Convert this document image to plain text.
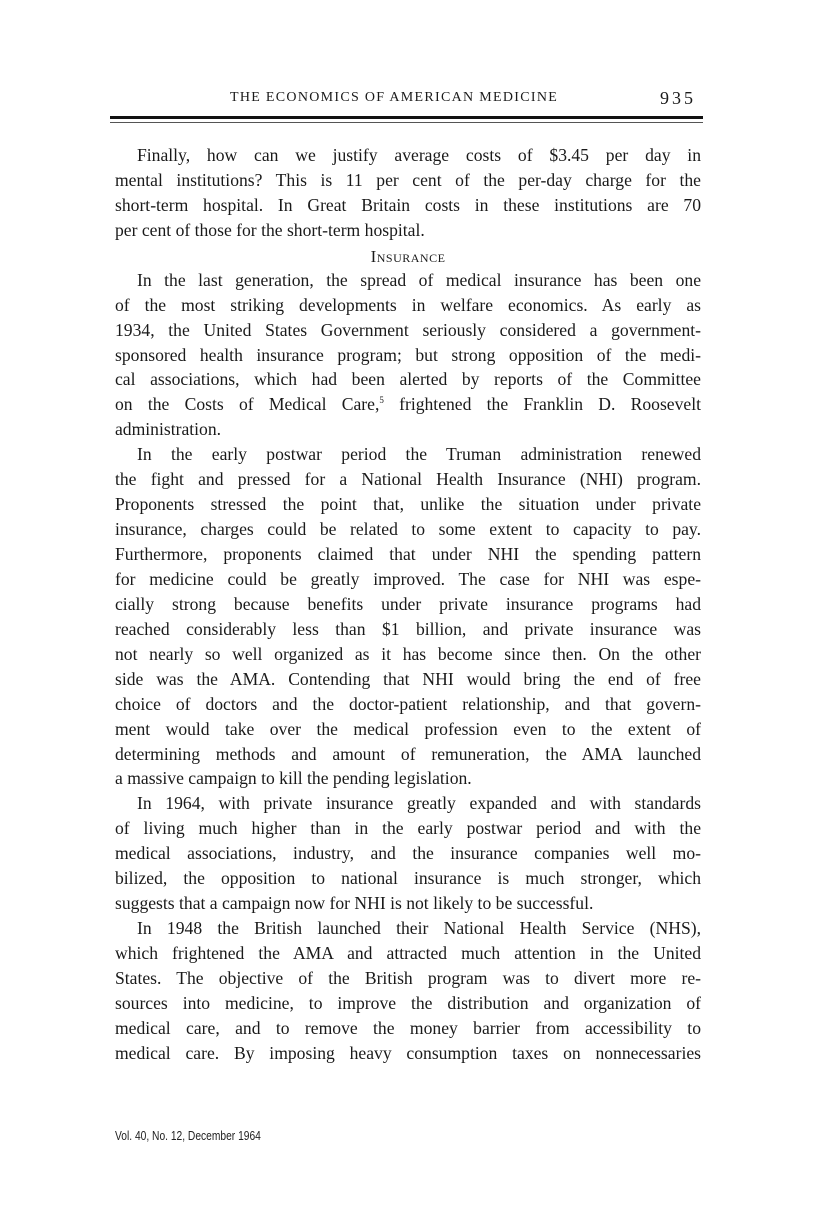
THE ECONOMICS OF AMERICAN MEDICINE	935
Finally, how can we justify average costs of $3.45 per day in
mental institutions? This is 11 per cent of the per-day charge for the
short-term hospital. In Great Britain costs in these institutions are 70
per cent of those for the short-term hospital.
Insurance
In the last generation, the spread of medical insurance has been one
of the most striking developments in welfare economics. As early as
1934, the United States Government seriously considered a government-
sponsored health insurance program; but strong opposition of the medi-
cal associations, which had been alerted by reports of the Committee
on the Costs of Medical Care,$^5$ frightened the Franklin D. Roosevelt
administration.
In the early postwar period the Truman administration renewed
the fight and pressed for a National Health Insurance (NHI) program.
Proponents stressed the point that, unlike the situation under private
insurance, charges could be related to some extent to capacity to pay.
Furthermore, proponents claimed that under NHI the spending pattern
for medicine could be greatly improved. The case for NHI was espe-
cially strong because benefits under private insurance programs had
reached considerably less than $1 billion, and private insurance was
not nearly so well organized as it has become since then. On the other
side was the AMA. Contending that NHI would bring the end of free
choice of doctors and the doctor-patient relationship, and that govern-
ment would take over the medical profession even to the extent of
determining methods and amount of remuneration, the AMA launched
a massive campaign to kill the pending legislation.
In 1964, with private insurance greatly expanded and with standards
of living much higher than in the early postwar period and with the
medical associations, industry, and the insurance companies well mo-
bilized, the opposition to national insurance is much stronger, which
suggests that a campaign now for NHI is not likely to be successful.
In 1948 the British launched their National Health Service (NHS),
which frightened the AMA and attracted much attention in the United
States. The objective of the British program was to divert more re-
sources into medicine, to improve the distribution and organization of
medical care, and to remove the money barrier from accessibility to
medical care. By imposing heavy consumption taxes on nonnecessaries
Vol. 40, No. 12, December 1964
